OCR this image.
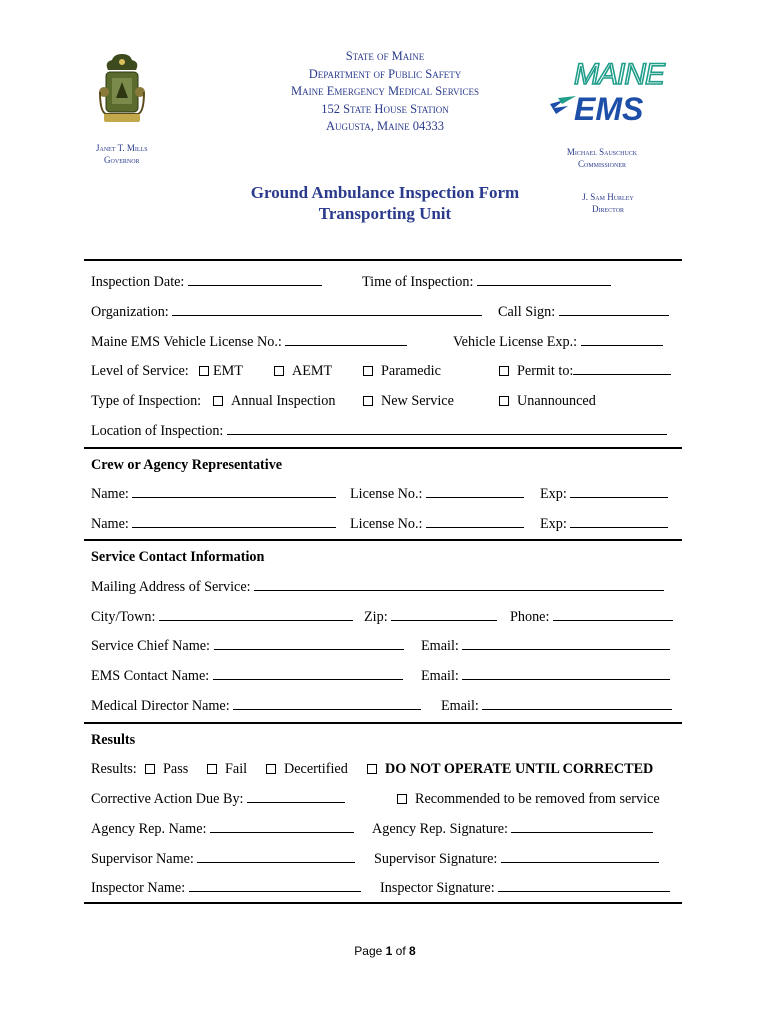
State of Maine
Department of Public Safety
Maine Emergency Medical Services
152 State House Station
Augusta, Maine 04333
MAINE
EMS
Janet T. Mills
Governor
Michael Sauschuck
Commissioner
J. Sam Hurley
Director
Ground Ambulance Inspection Form
Transporting Unit
Inspection Date:	Time of Inspection:
Organization:	Call Sign:
Maine EMS Vehicle License No.:	Vehicle License Exp.:
Level of Service:	EMT	AEMT	Paramedic	Permit to:
Type of Inspection:	Annual Inspection	New Service	Unannounced
Location of Inspection:
Crew or Agency Representative
Name:	License No.:	Exp:
Name:	License No.:	Exp:
Service Contact Information
Mailing Address of Service:
City/Town:	Zip:	Phone:
Service Chief Name:	Email:
EMS Contact Name:	Email:
Medical Director Name:	Email:
Results
Results:	Pass	Fail	Decertified	DO NOT OPERATE UNTIL CORRECTED
Corrective Action Due By:	Recommended to be removed from service
Agency Rep. Name:	Agency Rep. Signature:
Supervisor Name:	Supervisor Signature:
Inspector Name:	Inspector Signature:
Page 1 of 8
